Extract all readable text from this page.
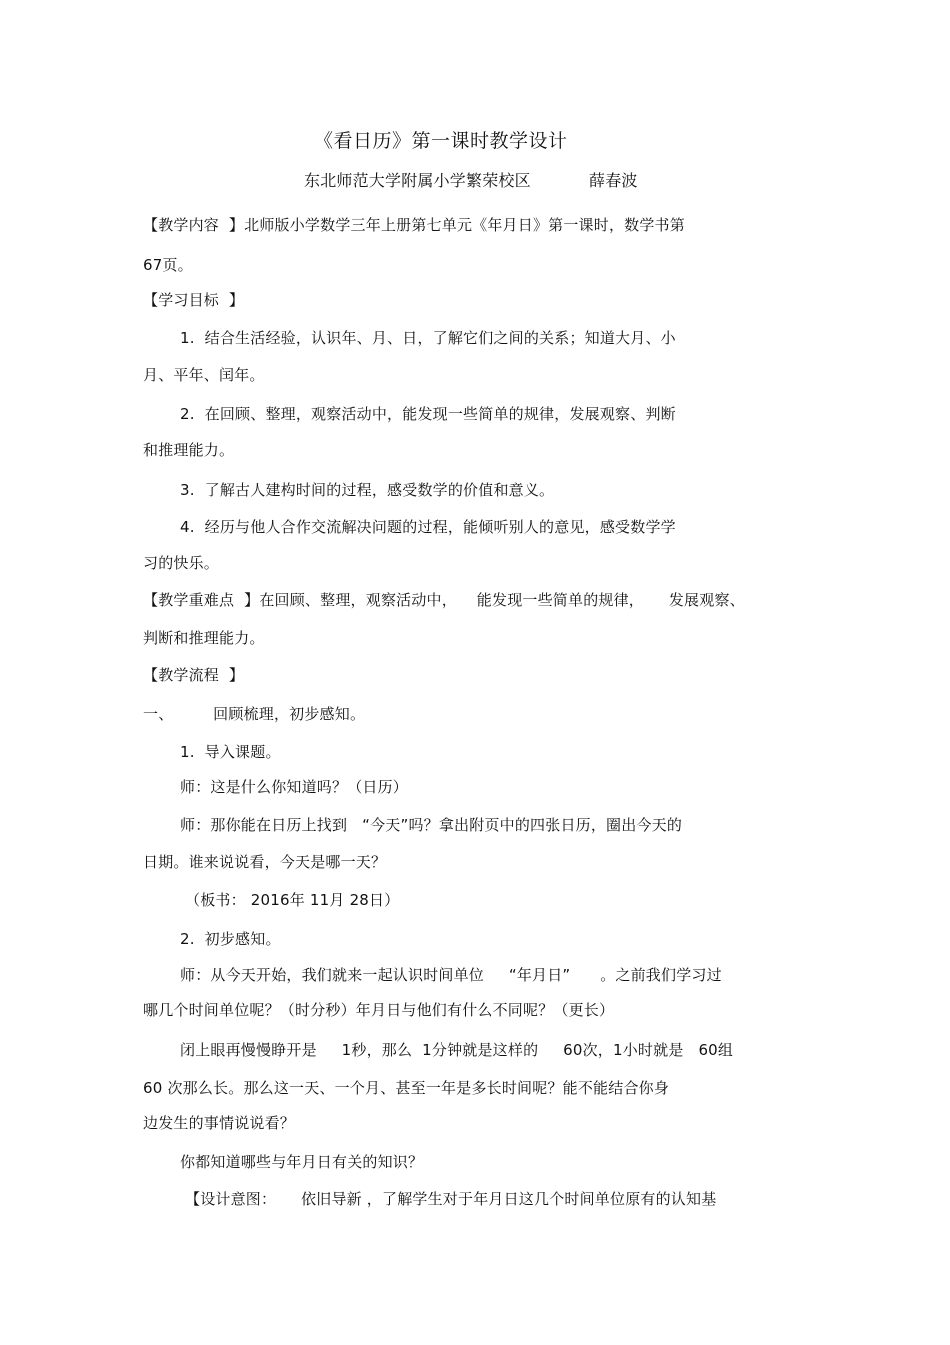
《看日历》第一课时教学设计
东北师范大学附属小学繁荣校区	薛春波
【教学内容  】北师版小学数学三年上册第七单元《年月日》第一课时，数学书第
67页。
【学习目标  】
1.  结合生活经验，认识年、月、日，了解它们之间的关系；知道大月、小
月、平年、闰年。
2.  在回顾、整理，观察活动中，能发现一些简单的规律，发展观察、判断
和推理能力。
3.  了解古人建构时间的过程，感受数学的价值和意义。
4.  经历与他人合作交流解决问题的过程，能倾听别人的意见，感受数学学
习的快乐。
【教学重难点  】在回顾、整理，观察活动中，    能发现一些简单的规律，     发展观察、
判断和推理能力。
【教学流程  】
一、        回顾梳理，初步感知。
1.  导入课题。
师：这是什么你知道吗？（日历）
师：那你能在日历上找到   “今天”吗？拿出附页中的四张日历，圈出今天的
日期。谁来说说看，今天是哪一天？
（板书： 2016年 11月 28日）
2.  初步感知。
师：从今天开始，我们就来一起认识时间单位     “年月日”      。之前我们学习过
哪几个时间单位呢？（时分秒）年月日与他们有什么不同呢？（更长）
闭上眼再慢慢睁开是     1秒，那么  1分钟就是这样的     60次，1小时就是   60组
60 次那么长。那么这一天、一个月、甚至一年是多长时间呢？能不能结合你身
边发生的事情说说看？
你都知道哪些与年月日有关的知识？
【设计意图：     依旧导新 ，了解学生对于年月日这几个时间单位原有的认知基
